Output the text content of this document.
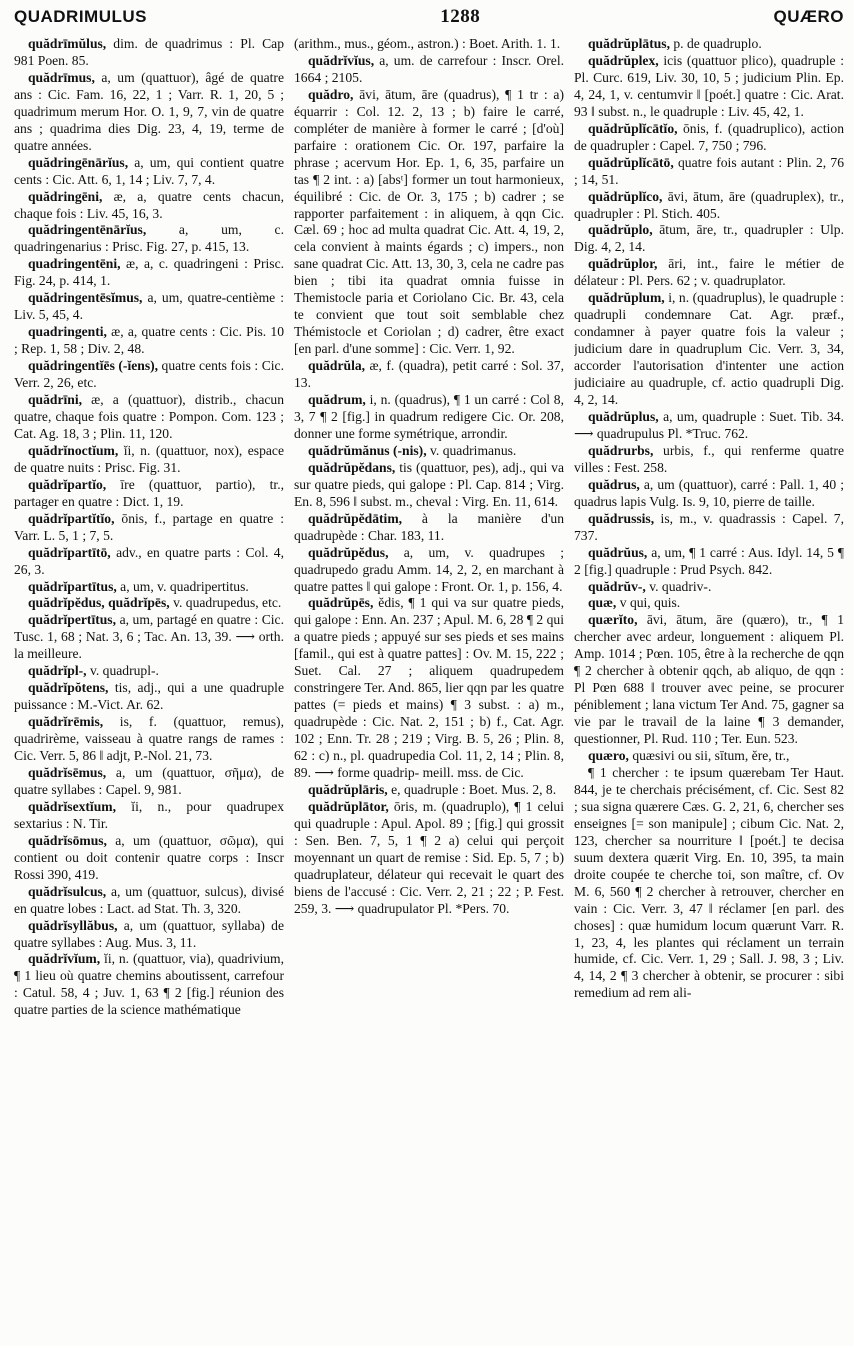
QUADRIMULUS	1288	QUÆRO
quădrīmŭlus, dim. de quadrimus : Pl. Cap 981 Poen. 85.
quădrīmus, a, um (quattuor), âgé de quatre ans : Cic. Fam. 16, 22, 1 ; Varr. R. 1, 20, 5 ; quadrimum merum Hor. O. 1, 9, 7, vin de quatre ans ; quadrima dies Dig. 23, 4, 19, terme de quatre années.
quădringēnārĭus, a, um, qui contient quatre cents : Cic. Att. 6, 1, 14 ; Liv. 7, 7, 4.
quădringēni, æ, a, quatre cents chacun, chaque fois : Liv. 45, 16, 3.
quădringentēnārĭus, a, um, c. quadringenarius : Prisc. Fig. 27, p. 415, 13.
quadringentēni, æ, a, c. quadringeni : Prisc. Fig. 24, p. 414, 1.
quădringentēsĭmus, a, um, quatre-centième : Liv. 5, 45, 4.
quadringenti, æ, a, quatre cents : Cic. Pis. 10 ; Rep. 1, 58 ; Div. 2, 48.
quădringentĭēs (-ĭens), quatre cents fois : Cic. Verr. 2, 26, etc.
quădrīni, æ, a (quattuor), distrib., chacun quatre, chaque fois quatre : Pompon. Com. 123 ; Cat. Ag. 18, 3 ; Plin. 11, 120.
quădrĭnoctĭum, ĭi, n. (quattuor, nox), espace de quatre nuits : Prisc. Fig. 31.
quădrĭpartĭo, īre (quattuor, partio), tr., partager en quatre : Dict. 1, 19.
quădrĭpartĭtĭo, ōnis, f., partage en quatre : Varr. L. 5, 1 ; 7, 5.
quădrĭpartītō, adv., en quatre parts : Col. 4, 26, 3.
quădrĭpartītus, a, um, v. quadripertitus.
quădrĭpĕdus, quădrĭpēs, v. quadrupedus, etc.
quădrĭpertītus, a, um, partagé en quatre : Cic. Tusc. 1, 68 ; Nat. 3, 6 ; Tac. An. 13, 39. ⟶ orth. la meilleure.
quădrĭpl-, v. quadrupl-.
quădrĭpŏtens, tis, adj., qui a une quadruple puissance : M.-Vict. Ar. 62.
quădrĭrēmis, is, f. (quattuor, remus), quadrirème, vaisseau à quatre rangs de rames : Cic. Verr. 5, 86 ‖ adjt, P.-Nol. 21, 73.
quădrĭsēmus, a, um (quattuor, σῆμα), de quatre syllabes : Capel. 9, 981.
quădrĭsextĭum, ĭi, n., pour quadrupex sextarius : N. Tir.
quădrĭsōmus, a, um (quattuor, σῶμα), qui contient ou doit contenir quatre corps : Inscr Rossi 390, 419.
quădrĭsulcus, a, um (quattuor, sulcus), divisé en quatre lobes : Lact. ad Stat. Th. 3, 320.
quădrĭsyllăbus, a, um (quattuor, syllaba) de quatre syllabes : Aug. Mus. 3, 11.
quădrĭvĭum, ĭi, n. (quattuor, via), quadrivium, ¶ 1 lieu où quatre chemins aboutissent, carrefour : Catul. 58, 4 ; Juv. 1, 63 ¶ 2 [fig.] réunion des quatre parties de la science mathématique
(arithm., mus., géom., astron.) : Boet. Arith. 1. 1.
quădrĭvĭus, a, um. de carrefour : Inscr. Orel. 1664 ; 2105.
quădro, āvi, ātum, āre (quadrus), ¶ 1 tr : a) équarrir : Col. 12. 2, 13 ; b) faire le carré, compléter de manière à former le carré ; [d'où] parfaire : orationem Cic. Or. 197, parfaire la phrase ; acervum Hor. Ep. 1, 6, 35, parfaire un tas ¶ 2 int. : a) [absᵗ] former un tout harmonieux, équilibré : Cic. de Or. 3, 175 ; b) cadrer ; se rapporter parfaitement : in aliquem, à qqn Cic. Cæl. 69 ; hoc ad multa quadrat Cic. Att. 4, 19, 2, cela convient à maints égards ; c) impers., non sane quadrat Cic. Att. 13, 30, 3, cela ne cadre pas bien ; tibi ita quadrat omnia fuisse in Themistocle paria et Coriolano Cic. Br. 43, cela te convient que tout soit semblable chez Thémistocle et Coriolan ; d) cadrer, être exact [en parl. d'une somme] : Cic. Verr. 1, 92.
quădrŭla, æ, f. (quadra), petit carré : Sol. 37, 13.
quădrum, i, n. (quadrus), ¶ 1 un carré : Col 8, 3, 7 ¶ 2 [fig.] in quadrum redigere Cic. Or. 208, donner une forme symétrique, arrondir.
quădrŭmănus (-nis), v. quadrimanus.
quădrŭpĕdans, tis (quattuor, pes), adj., qui va sur quatre pieds, qui galope : Pl. Cap. 814 ; Virg. En. 8, 596 ‖ subst. m., cheval : Virg. En. 11, 614.
quădrŭpĕdātim, à la manière d'un quadrupède : Char. 183, 11.
quădrŭpĕdus, a, um, v. quadrupes ; quadrupedo gradu Amm. 14, 2, 2, en marchant à quatre pattes ‖ qui galope : Front. Or. 1, p. 156, 4.
quădrŭpēs, ĕdis, ¶ 1 qui va sur quatre pieds, qui galope : Enn. An. 237 ; Apul. M. 6, 28 ¶ 2 qui a quatre pieds ; appuyé sur ses pieds et ses mains [famil., qui est à quatre pattes] : Ov. M. 15, 222 ; Suet. Cal. 27 ; aliquem quadrupedem constringere Ter. And. 865, lier qqn par les quatre pattes (= pieds et mains) ¶ 3 subst. : a) m., quadrupède : Cic. Nat. 2, 151 ; b) f., Cat. Agr. 102 ; Enn. Tr. 28 ; 219 ; Virg. B. 5, 26 ; Plin. 8, 62 : c) n., pl. quadrupedia Col. 11, 2, 14 ; Plin. 8, 89. ⟶ forme quadrip- meill. mss. de Cic.
quădrŭplāris, e, quadruple : Boet. Mus. 2, 8.
quădrŭplātor, ōris, m. (quadruplo), ¶ 1 celui qui quadruple : Apul. Apol. 89 ; [fig.] qui grossit : Sen. Ben. 7, 5, 1 ¶ 2 a) celui qui perçoit moyennant un quart de remise : Sid. Ep. 5, 7 ; b) quadruplateur, délateur qui recevait le quart des biens de l'accusé : Cic. Verr. 2, 21 ; 22 ; P. Fest. 259, 3. ⟶ quadrupulator Pl. *Pers. 70.
quădrŭplātus, p. de quadruplo.
quădrŭplex, icis (quattuor plico), quadruple : Pl. Curc. 619, Liv. 30, 10, 5 ; judicium Plin. Ep. 4, 24, 1, v. centumvir ‖ [poét.] quatre : Cic. Arat. 93 ‖ subst. n., le quadruple : Liv. 45, 42, 1.
quădrŭplĭcātĭo, ōnis, f. (quadruplico), action de quadrupler : Capel. 7, 750 ; 796.
quădrŭplĭcātō, quatre fois autant : Plin. 2, 76 ; 14, 51.
quădrŭplĭco, āvi, ātum, āre (quadruplex), tr., quadrupler : Pl. Stich. 405.
quădrŭplo, ātum, āre, tr., quadrupler : Ulp. Dig. 4, 2, 14.
quădrŭplor, āri, int., faire le métier de délateur : Pl. Pers. 62 ; v. quadruplator.
quădrŭplum, i, n. (quadruplus), le quadruple : quadrupli condemnare Cat. Agr. præf., condamner à payer quatre fois la valeur ; judicium dare in quadruplum Cic. Verr. 3, 34, accorder l'autorisation d'intenter une action judiciaire au quadruple, cf. actio quadrupli Dig. 4, 2, 14.
quădrŭplus, a, um, quadruple : Suet. Tib. 34. ⟶ quadrupulus Pl. *Truc. 762.
quădrurbs, urbis, f., qui renferme quatre villes : Fest. 258.
quădrus, a, um (quattuor), carré : Pall. 1, 40 ; quadrus lapis Vulg. Is. 9, 10, pierre de taille.
quădrussis, is, m., v. quadrassis : Capel. 7, 737.
quădrŭus, a, um, ¶ 1 carré : Aus. Idyl. 14, 5 ¶ 2 [fig.] quadruple : Prud Psych. 842.
quădrŭv-, v. quadriv-.
quæ, v qui, quis.
quærĭto, āvi, ātum, āre (quæro), tr., ¶ 1 chercher avec ardeur, longuement : aliquem Pl. Amp. 1014 ; Pœn. 105, être à la recherche de qqn ¶ 2 chercher à obtenir qqch, ab aliquo, de qqn : Pl Pœn 688 ‖ trouver avec peine, se procurer péniblement ; lana victum Ter And. 75, gagner sa vie par le travail de la laine ¶ 3 demander, questionner, Pl. Rud. 110 ; Ter. Eun. 523.
quæro, quæsivi ou sii, sītum, ĕre, tr.,
¶ 1 chercher : te ipsum quærebam Ter Haut. 844, je te cherchais précisément, cf. Cic. Sest 82 ; sua signa quærere Cæs. G. 2, 21, 6, chercher ses enseignes [= son manipule] ; cibum Cic. Nat. 2, 123, chercher sa nourriture ‖ [poét.] te decisa suum dextera quærit Virg. En. 10, 395, ta main droite coupée te cherche toi, son maître, cf. Ov M. 6, 560 ¶ 2 chercher à retrouver, chercher en vain : Cic. Verr. 3, 47 ‖ réclamer [en parl. des choses] : quæ humidum locum quærunt Varr. R. 1, 23, 4, les plantes qui réclament un terrain humide, cf. Cic. Verr. 1, 29 ; Sall. J. 98, 3 ; Liv. 4, 14, 2 ¶ 3 chercher à obtenir, se procurer : sibi remedium ad rem ali-
